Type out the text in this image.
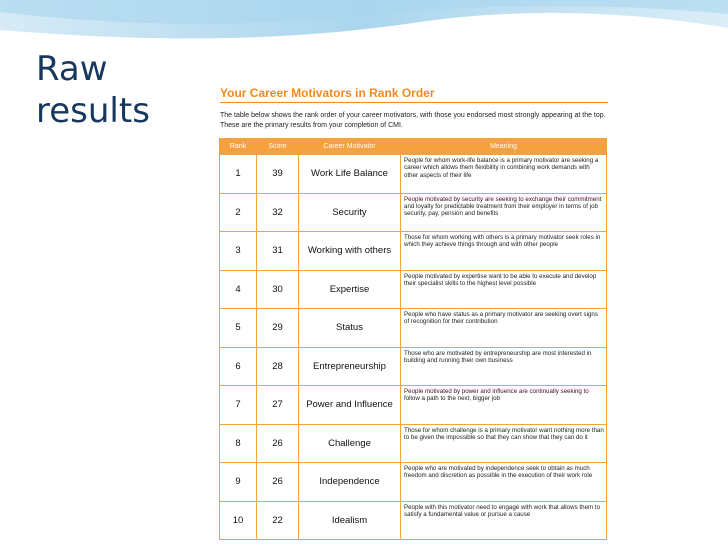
Raw
results	Your Career Motivators in Rank Order
The table below shows the rank order of your career motivators, with those you endorsed most strongly appearing at the top. These are the primary results from your completion of CMI.
Rank	Score	Career Motivator	Meaning
1	39	Work Life Balance	People for whom work-life balance is a primary motivator are seeking a career which allows them flexibility in combining work demands with other aspects of their life
2	32	Security	People motivated by security are seeking to exchange their commitment and loyalty for predictable treatment from their employer in terms of job security, pay, pension and benefits
3	31	Working with others	Those for whom working with others is a primary motivator seek roles in which they achieve things through and with other people
4	30	Expertise	People motivated by expertise want to be able to execute and develop their specialist skills to the highest level possible
5	29	Status	People who have status as a primary motivator are seeking overt signs of recognition for their contribution
6	28	Entrepreneurship	Those who are motivated by entrepreneurship are most interested in building and running their own business
7	27	Power and Influence	People motivated by power and influence are continually seeking to follow a path to the next, bigger job
8	26	Challenge	Those for whom challenge is a primary motivator want nothing more than to be given the impossible so that they can show that they can do it
9	26	Independence	People who are motivated by independence seek to obtain as much freedom and discretion as possible in the execution of their work role
10	22	Idealism	People with this motivator need to engage with work that allows them to satisfy a fundamental value or pursue a cause
